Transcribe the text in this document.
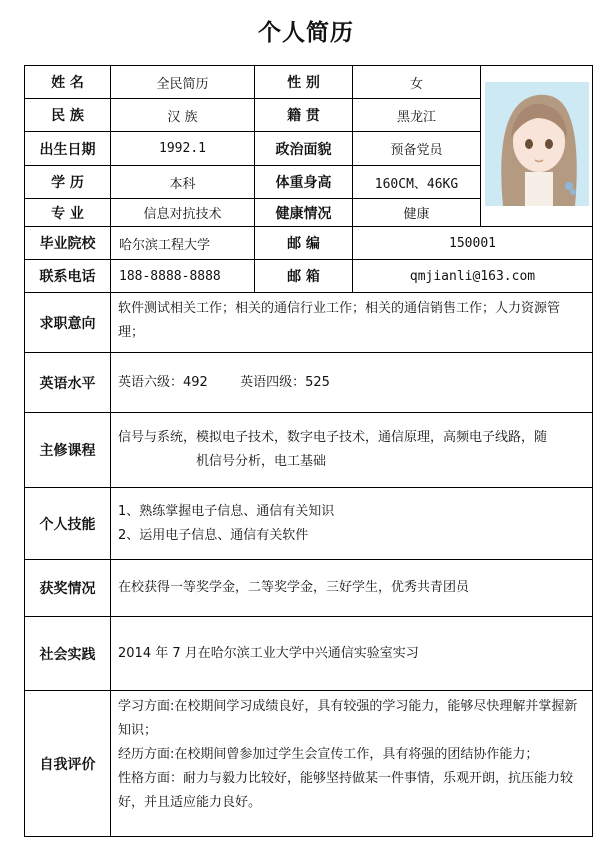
个人简历
姓 名	全民简历	性 别	女	
民 族	汉 族	籍 贯	黑龙江	
出生日期	1992.1	政治面貌	预备党员	
学 历	本科	体重身高	160CM、46KG	
专 业	信息对抗技术	健康情况	健康	
毕业院校	哈尔滨工程大学	邮 编	150001	
联系电话	188-8888-8888	邮 箱	qmjianli@163.com	
求职意向	软件测试相关工作；相关的通信行业工作；相关的通信销售工作；人力资源管理；			
英语水平	英语六级：492 英语四级：525			
主修课程	信号与系统，模拟电子技术，数字电子技术，通信原理，高频电子线路，随
机信号分析，电工基础			

个人技能	1、熟练掌握电子信息、通信有关知识
2、运用电子信息、通信有关软件			

获奖情况	在校获得一等奖学金，二等奖学金，三好学生，优秀共青团员			
社会实践	2014 年 7 月在哈尔滨工业大学中兴通信实验室实习			
自我评价	学习方面:在校期间学习成绩良好，具有较强的学习能力，能够尽快理解并掌握新知识；
经历方面:在校期间曾参加过学生会宣传工作，具有将强的团结协作能力；
性格方面：耐力与毅力比较好，能够坚持做某一件事情，乐观开朗，抗压能力较好，并且适应能力良好。			
